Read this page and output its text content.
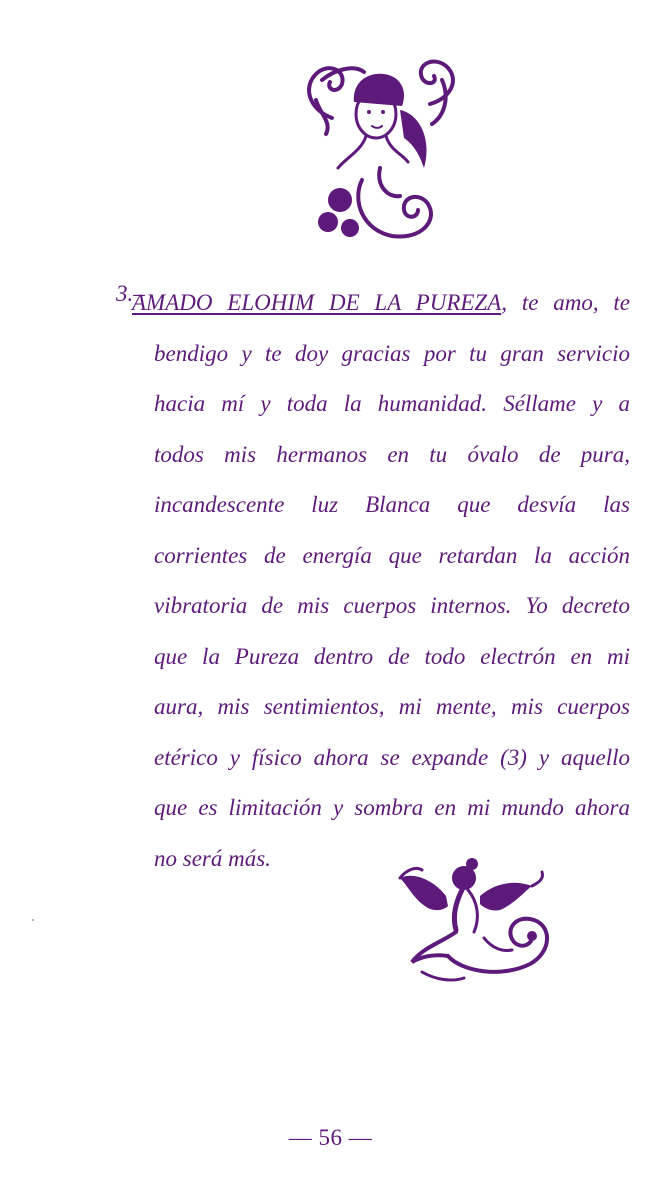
3.–
AMADO ELOHIM DE LA PUREZA, te amo, te
bendigo y te doy gracias por tu gran servicio
hacia mí y toda la humanidad. Séllame y a
todos mis hermanos en tu óvalo de pura,
incandescente luz Blanca que desvía las
corrientes de energía que retardan la acción
vibratoria de mis cuerpos internos. Yo decreto
que la Pureza dentro de todo electrón en mi
aura, mis sentimientos, mi mente, mis cuerpos
etérico y físico ahora se expande (3) y aquello
que es limitación y sombra en mi mundo ahora
no será más.
— 56 —
